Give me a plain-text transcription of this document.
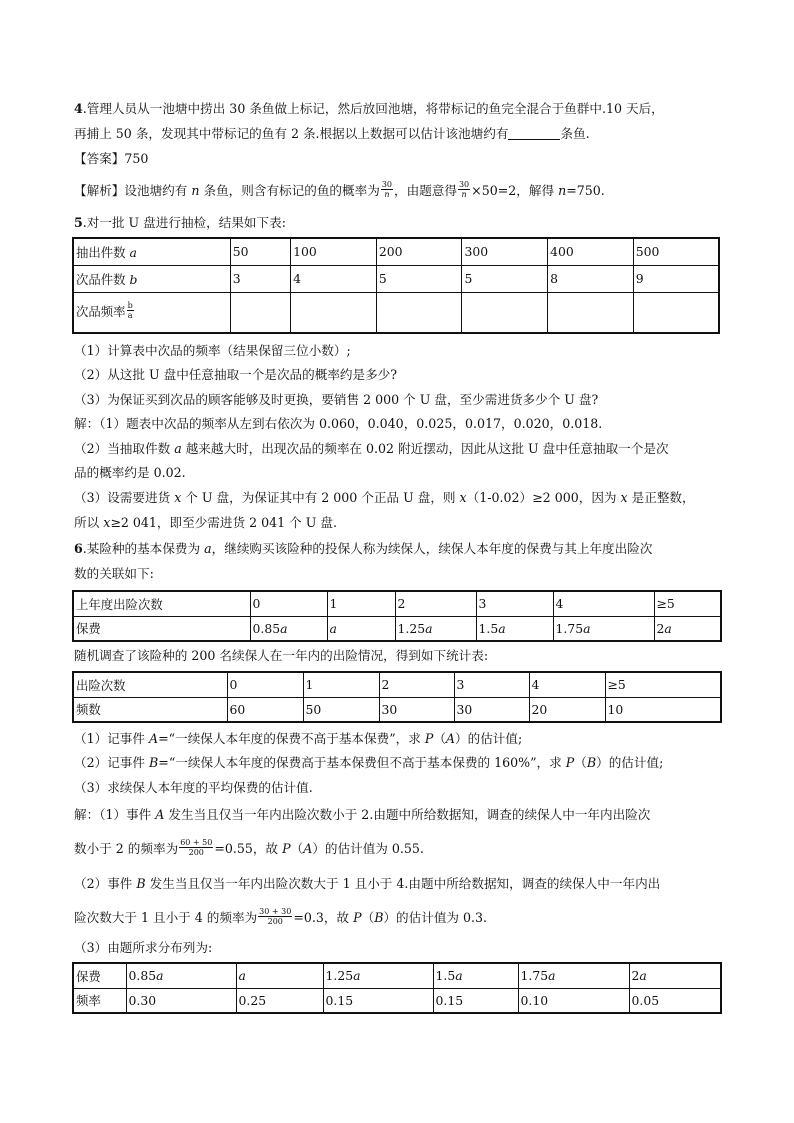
4.管理人员从一池塘中捞出 30 条鱼做上标记，然后放回池塘，将带标记的鱼完全混合于鱼群中.10 天后，
再捕上 50 条，发现其中带标记的鱼有 2 条.根据以上数据可以估计该池塘约有	条鱼.
【答案】750
【解析】设池塘约有 n 条鱼，则含有标记的鱼的概率为 $\frac{30}{n}$ ，由题意得 $\frac{30}{n} \times 50=2$，解得 n=750.
5.对一批 U 盘进行抽检，结果如下表:
抽出件数 a	50	100	200	300	400	500
次品件数 b	3	4	5	5	8	9
次品频率 $\frac{b}{a}$

（1）计算表中次品的频率（结果保留三位小数）;
（2）从这批 U 盘中任意抽取一个是次品的概率约是多少?
（3）为保证买到次品的顾客能够及时更换，要销售 2 000 个 U 盘，至少需进货多少个 U 盘?
解：（1）题表中次品的频率从左到右依次为 0.060，0.040，0.025，0.017，0.020，0.018.
（2）当抽取件数 a 越来越大时，出现次品的频率在 0.02 附近摆动，因此从这批 U 盘中任意抽取一个是次
品的概率约是 0.02.
（3）设需要进货 x 个 U 盘，为保证其中有 2 000 个正品 U 盘，则 x（1-0.02）≥2 000，因为 x 是正整数，
所以 x≥2 041，即至少需进货 2 041 个 U 盘.
6.某险种的基本保费为 a，继续购买该险种的投保人称为续保人，续保人本年度的保费与其上年度出险次
数的关联如下:
上年度出险次数	0	1	2	3	4	≥5
保费	0.85a	a	1.25a	1.5a	1.75a	2a
随机调查了该险种的 200 名续保人在一年内的出险情况，得到如下统计表:
出险次数	0	1	2	3	4	≥5
频数	60	50	30	30	20	10
（1）记事件 A=“一续保人本年度的保费不高于基本保费”，求 P（A）的估计值;
（2）记事件 B=“一续保人本年度的保费高于基本保费但不高于基本保费的 160%”，求 P（B）的估计值;
（3）求续保人本年度的平均保费的估计值.
解：（1）事件 A 发生当且仅当一年内出险次数小于 2.由题中所给数据知，调查的续保人中一年内出险次
数小于 2 的频率为 $\frac{60 + 50}{200} =0.55$，故 P（A）的估计值为 0.55.
（2）事件 B 发生当且仅当一年内出险次数大于 1 且小于 4.由题中所给数据知，调查的续保人中一年内出
险次数大于 1 且小于 4 的频率为 $\frac{30 + 30}{200} =0.3$，故 P（B）的估计值为 0.3.
（3）由题所求分布列为:
保费	0.85a	a	1.25a	1.5a	1.75a	2a
频率	0.30	0.25	0.15	0.15	0.10	0.05
